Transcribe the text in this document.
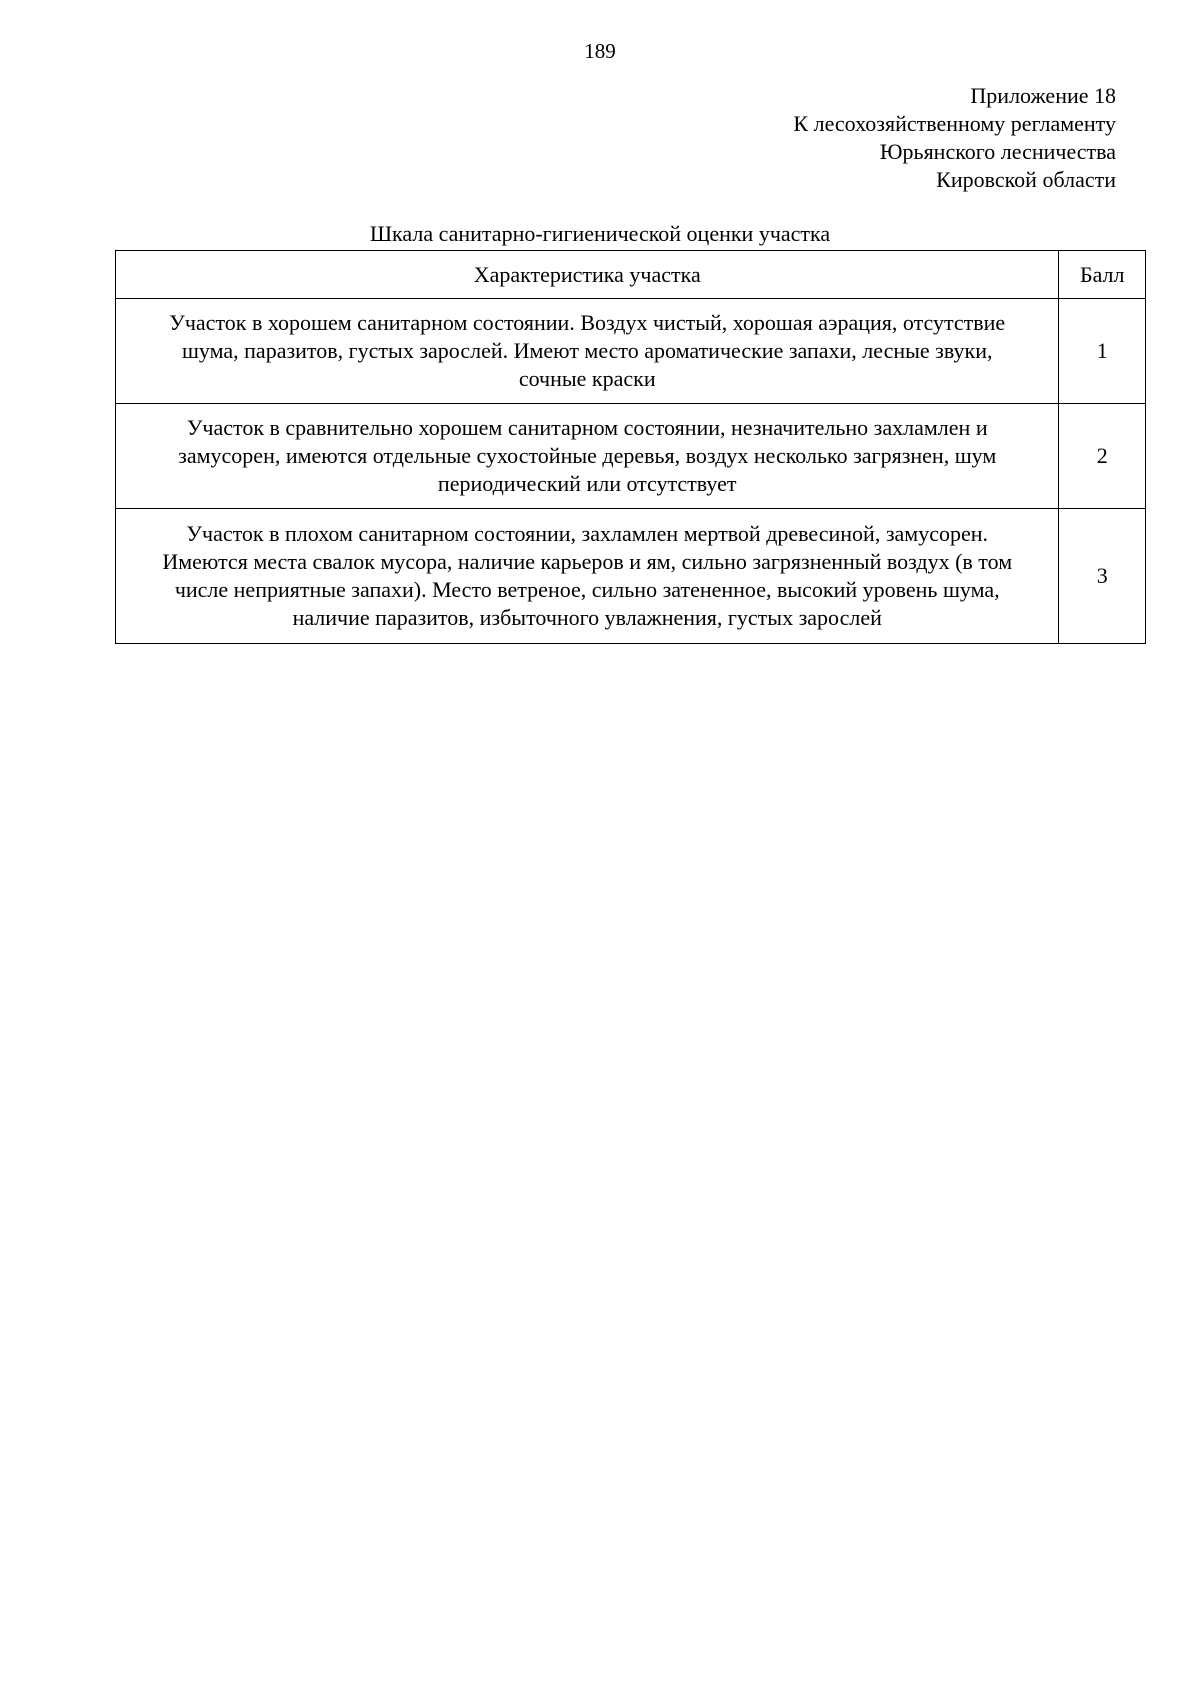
189
Приложение 18
К лесохозяйственному регламенту
Юрьянского лесничества
Кировской области
Шкала санитарно-гигиенической оценки участка
Характеристика участка	Балл

Участок в хорошем санитарном состоянии. Воздух чистый, хорошая аэрация, отсутствие
шума, паразитов, густых зарослей. Имеют место ароматические запахи, лесные звуки,
сочные краски	1

Участок в сравнительно хорошем санитарном состоянии, незначительно захламлен и
замусорен, имеются отдельные сухостойные деревья, воздух несколько загрязнен, шум
периодический или отсутствует	2

Участок в плохом санитарном состоянии, захламлен мертвой древесиной, замусорен.
Имеются места свалок мусора, наличие карьеров и ям, сильно загрязненный воздух (в том
числе неприятные запахи). Место ветреное, сильно затененное, высокий уровень шума,
наличие паразитов, избыточного увлажнения, густых зарослей	3
